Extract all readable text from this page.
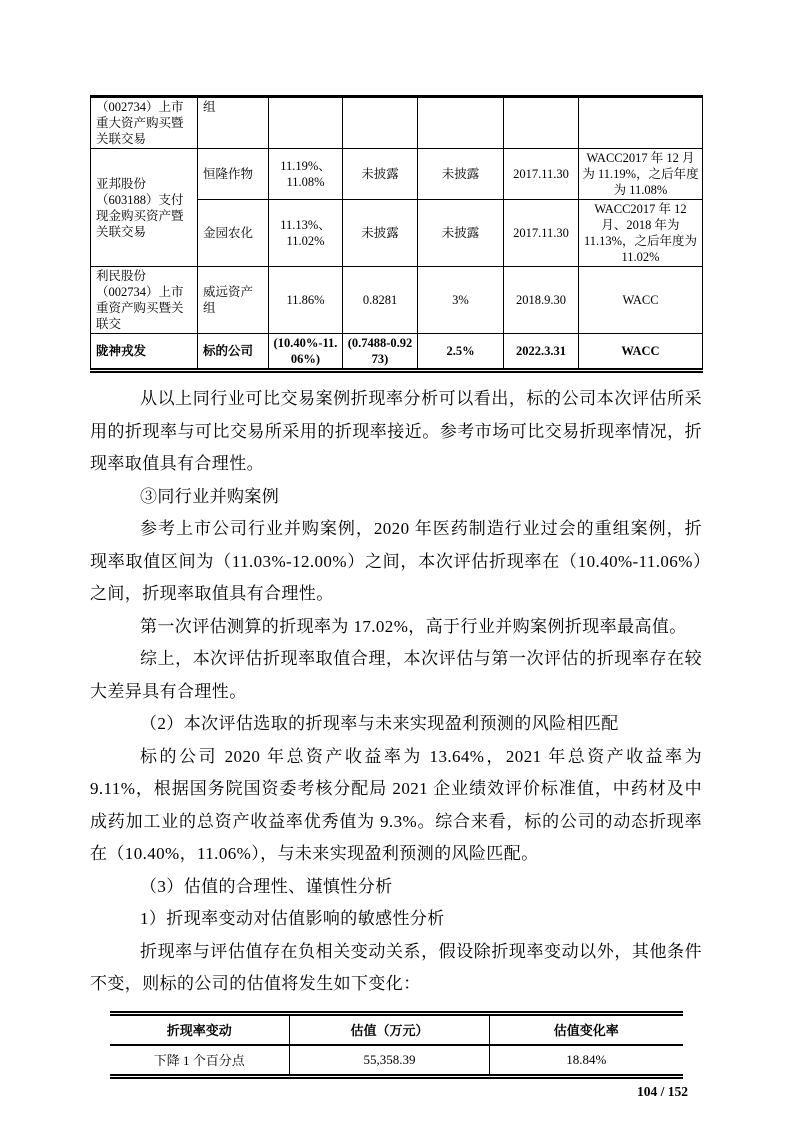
（002734）上市重大资产购买暨关联交易	组					
亚邦股份（603188）支付现金购买资产暨关联交易	恒隆作物	11.19%、11.08%	未披露	未披露	2017.11.30	WACC2017 年 12 月为 11.19%，之后年度为 11.08%
	金园农化	11.13%、11.02%	未披露	未披露	2017.11.30	WACC2017 年 12 月、2018 年为 11.13%，之后年度为 11.02%
利民股份（002734）上市重资产购买暨关联交	威远资产组	11.86%	0.8281	3%	2018.9.30	WACC
陇神戎发	标的公司	(10.40%-11.06%)	(0.7488-0.9273)	2.5%	2022.3.31	WACC

从以上同行业可比交易案例折现率分析可以看出，标的公司本次评估所采用的折现率与可比交易所采用的折现率接近。参考市场可比交易折现率情况，折现率取值具有合理性。

③同行业并购案例

参考上市公司行业并购案例，2020 年医药制造行业过会的重组案例，折现率取值区间为（11.03%-12.00%）之间，本次评估折现率在（10.40%-11.06%）之间，折现率取值具有合理性。

第一次评估测算的折现率为 17.02%，高于行业并购案例折现率最高值。

综上，本次评估折现率取值合理，本次评估与第一次评估的折现率存在较大差异具有合理性。

（2）本次评估选取的折现率与未来实现盈利预测的风险相匹配

标的公司 2020 年总资产收益率为 13.64%，2021 年总资产收益率为 9.11%，根据国务院国资委考核分配局 2021 企业绩效评价标准值，中药材及中成药加工业的总资产收益率优秀值为 9.3%。综合来看，标的公司的动态折现率在（10.40%，11.06%），与未来实现盈利预测的风险匹配。

（3）估值的合理性、谨慎性分析

1）折现率变动对估值影响的敏感性分析

折现率与评估值存在负相关变动关系，假设除折现率变动以外，其他条件不变，则标的公司的估值将发生如下变化：

折现率变动	估值（万元）	估值变化率
下降 1 个百分点	55,358.39	18.84%
104 / 152
